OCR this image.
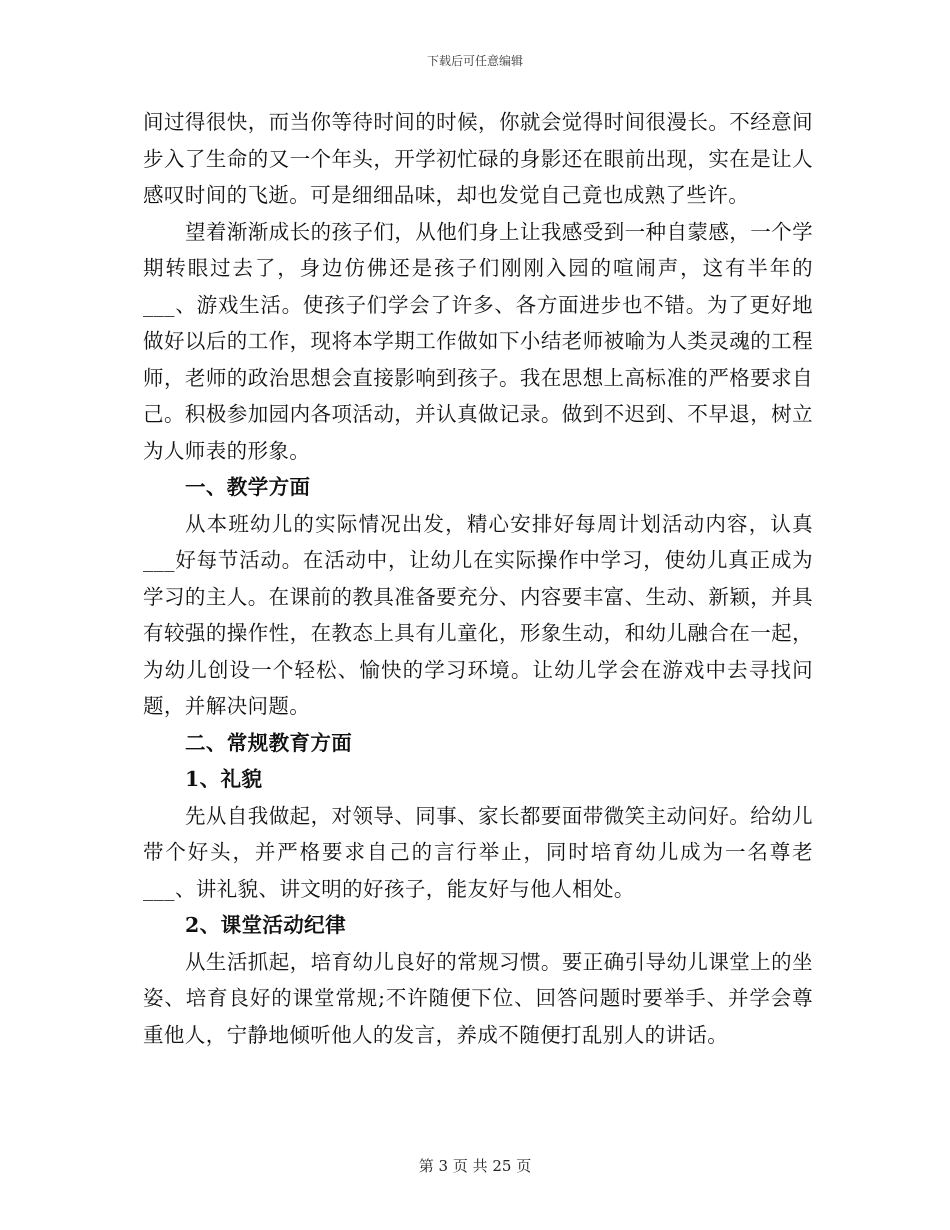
下载后可任意编辑

间过得很快，而当你等待时间的时候，你就会觉得时间很漫长。不经意间步入了生命的又一个年头，开学初忙碌的身影还在眼前出现，实在是让人感叹时间的飞逝。可是细细品味，却也发觉自己竟也成熟了些许。

望着渐渐成长的孩子们，从他们身上让我感受到一种自蒙感，一个学期转眼过去了，身边仿佛还是孩子们刚刚入园的喧闹声，这有半年的___、游戏生活。使孩子们学会了许多、各方面进步也不错。为了更好地做好以后的工作，现将本学期工作做如下小结老师被喻为人类灵魂的工程师，老师的政治思想会直接影响到孩子。我在思想上高标准的严格要求自己。积极参加园内各项活动，并认真做记录。做到不迟到、不早退，树立为人师表的形象。

一、教学方面

从本班幼儿的实际情况出发，精心安排好每周计划活动内容，认真___好每节活动。在活动中，让幼儿在实际操作中学习，使幼儿真正成为学习的主人。在课前的教具准备要充分、内容要丰富、生动、新颖，并具有较强的操作性，在教态上具有儿童化，形象生动，和幼儿融合在一起，为幼儿创设一个轻松、愉快的学习环境。让幼儿学会在游戏中去寻找问题，并解决问题。

二、常规教育方面

1、礼貌

先从自我做起，对领导、同事、家长都要面带微笑主动问好。给幼儿带个好头，并严格要求自己的言行举止，同时培育幼儿成为一名尊老___、讲礼貌、讲文明的好孩子，能友好与他人相处。

2、课堂活动纪律

从生活抓起，培育幼儿良好的常规习惯。要正确引导幼儿课堂上的坐姿、培育良好的课堂常规;不许随便下位、回答问题时要举手、并学会尊重他人，宁静地倾听他人的发言，养成不随便打乱别人的讲话。

第 3 页 共 25 页
